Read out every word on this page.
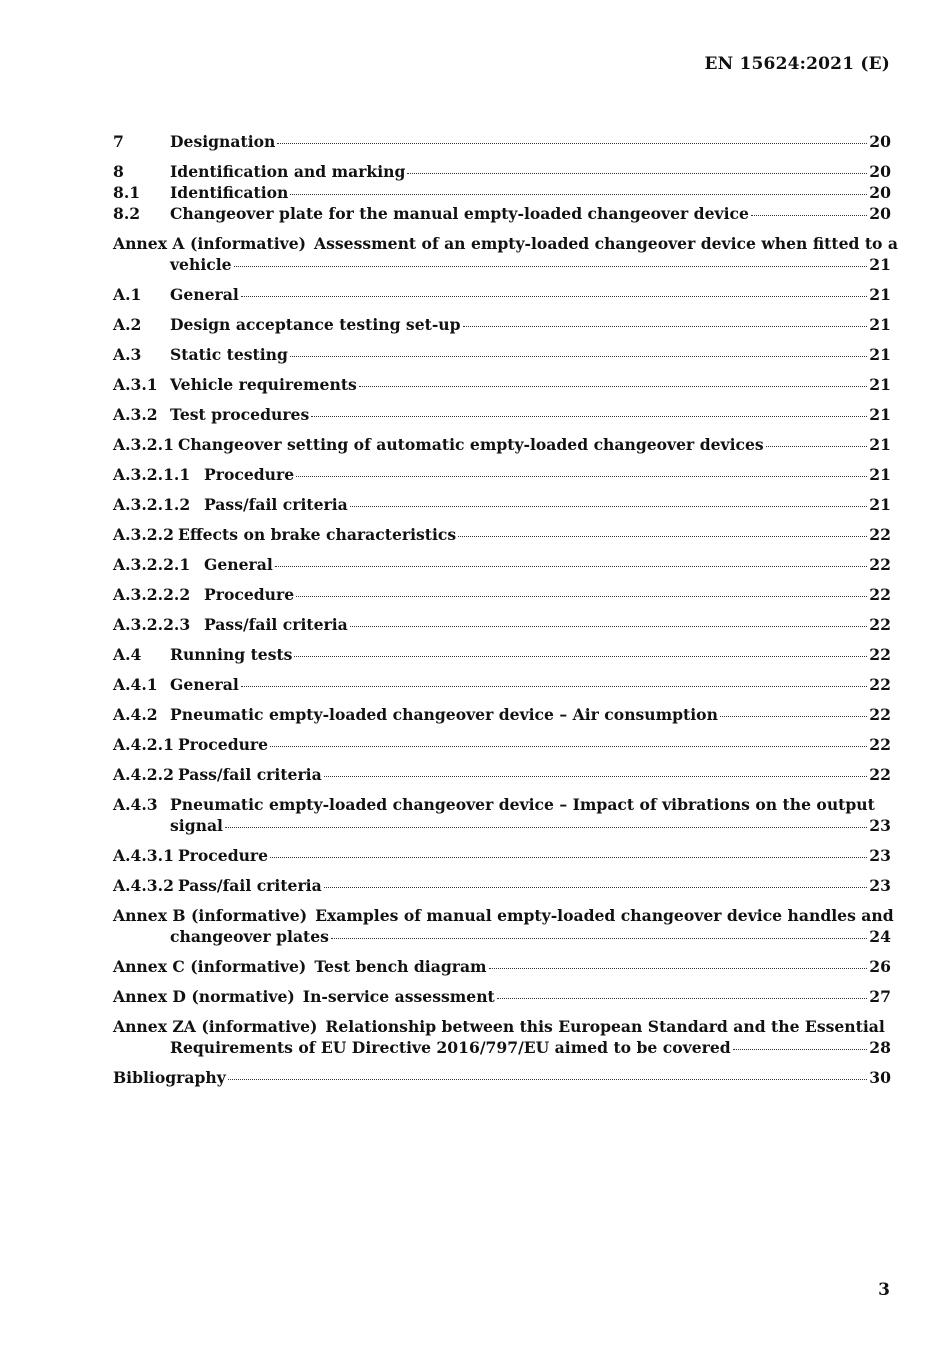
EN 15624:2021 (E)
7	Designation	20
8	Identification and marking	20
8.1	Identification	20
8.2	Changeover plate for the manual empty-loaded changeover device	20
Annex A (informative) Assessment of an empty-loaded changeover device when fitted to a
vehicle	21
A.1	General	21
A.2	Design acceptance testing set-up	21
A.3	Static testing	21
A.3.1 Vehicle requirements	21
A.3.2 Test procedures	21
A.3.2.1 Changeover setting of automatic empty-loaded changeover devices	21
A.3.2.1.1 Procedure	21
A.3.2.1.2 Pass/fail criteria	21
A.3.2.2 Effects on brake characteristics	22
A.3.2.2.1 General	22
A.3.2.2.2 Procedure	22
A.3.2.2.3 Pass/fail criteria	22
A.4	Running tests	22
A.4.1 General	22
A.4.2 Pneumatic empty-loaded changeover device – Air consumption	22
A.4.2.1 Procedure	22
A.4.2.2 Pass/fail criteria	22
A.4.3 Pneumatic empty-loaded changeover device – Impact of vibrations on the output
signal	23
A.4.3.1 Procedure	23
A.4.3.2 Pass/fail criteria	23
Annex B (informative) Examples of manual empty-loaded changeover device handles and
changeover plates	24
Annex C (informative) Test bench diagram	26
Annex D (normative) In-service assessment	27
Annex ZA (informative) Relationship between this European Standard and the Essential
Requirements of EU Directive 2016/797/EU aimed to be covered	28
Bibliography	30
3
